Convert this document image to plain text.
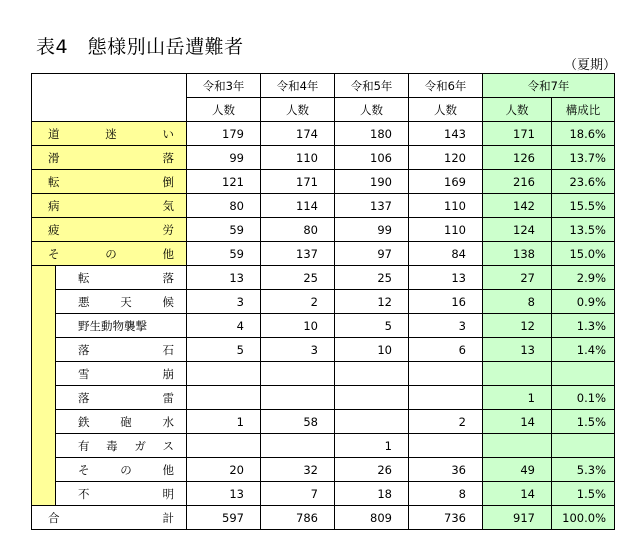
表4　態様別山岳遭難者
（夏期）
		令和3年	令和4年	令和5年	令和6年	令和7年	
		人数	人数	人数	人数	人数	構成比

道 迷 い		179	174	180	143	171	18.6%

滑 落		99	110	106	120	126	13.7%

転 倒		121	171	190	169	216	23.6%

病 気		80	114	137	110	142	15.5%

疲 労		59	80	99	110	124	13.5%

そ の 他		59	137	97	84	138	15.0%

	転 落	13	25	25	13	27	2.9%

	悪 天 候	3	2	12	16	8	0.9%

	野生動物襲撃	4	10	5	3	12	1.3%

	落 石	5	3	10	6	13	1.4%

	雪 崩						

	落 雷					1	0.1%

	鉄 砲 水	1	58		2	14	1.5%

	有 毒 ガ ス			1			

	そ の 他	20	32	26	36	49	5.3%

	不 明	13	7	18	8	14	1.5%

合 計		597	786	809	736	917	100.0%
